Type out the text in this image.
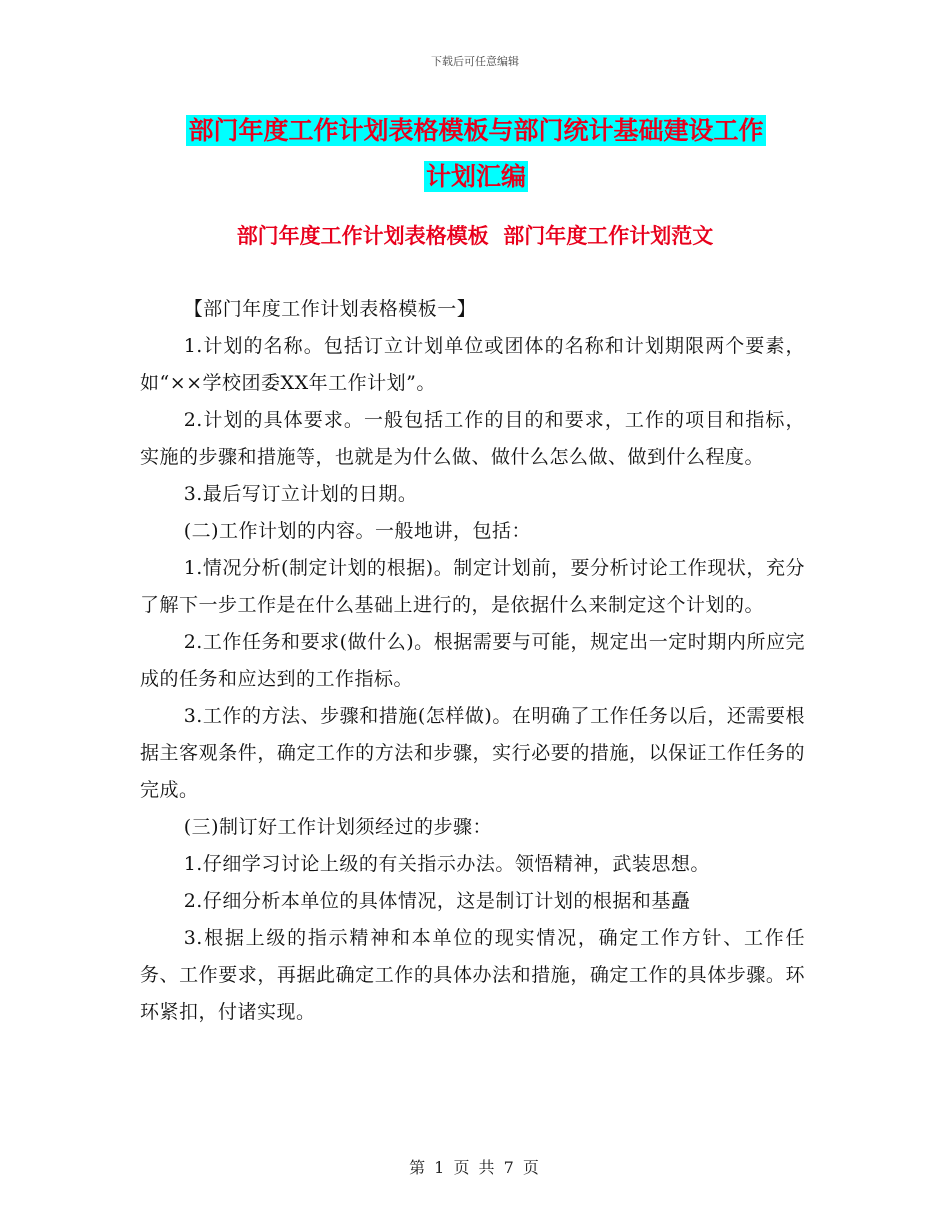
下载后可任意编辑
部门年度工作计划表格模板与部门统计基础建设工作
计划汇编
部门年度工作计划表格模板  部门年度工作计划范文

【部门年度工作计划表格模板一】

1.计划的名称。包括订立计划单位或团体的名称和计划期限两个要素，如“××学校团委XX年工作计划”。

2.计划的具体要求。一般包括工作的目的和要求，工作的项目和指标，实施的步骤和措施等，也就是为什么做、做什么怎么做、做到什么程度。

3.最后写订立计划的日期。

(二)工作计划的内容。一般地讲，包括：

1.情况分析(制定计划的根据)。制定计划前，要分析讨论工作现状，充分了解下一步工作是在什么基础上进行的，是依据什么来制定这个计划的。

2.工作任务和要求(做什么)。根据需要与可能，规定出一定时期内所应完成的任务和应达到的工作指标。

3.工作的方法、步骤和措施(怎样做)。在明确了工作任务以后，还需要根据主客观条件，确定工作的方法和步骤，实行必要的措施，以保证工作任务的完成。

(三)制订好工作计划须经过的步骤：

1.仔细学习讨论上级的有关指示办法。领悟精神，武装思想。

2.仔细分析本单位的具体情况，这是制订计划的根据和基矗

3.根据上级的指示精神和本单位的现实情况，确定工作方针、工作任务、工作要求，再据此确定工作的具体办法和措施，确定工作的具体步骤。环环紧扣，付诸实现。

第 1 页 共 7 页
